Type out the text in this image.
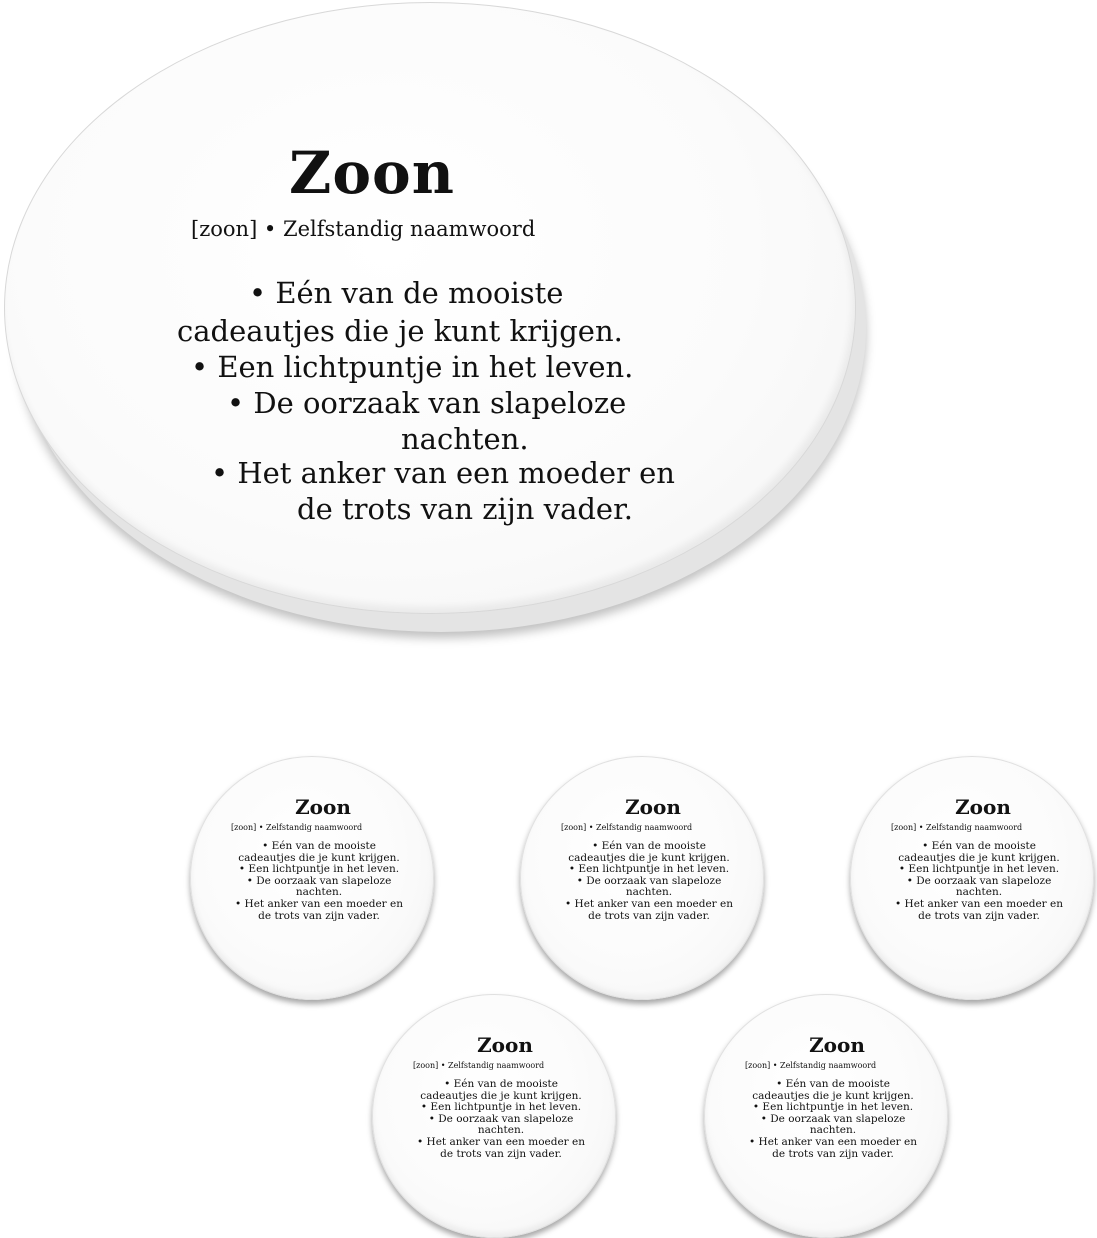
Zoon

[zoon] • Zelfstandig naamwoord

• Eén van de mooiste

cadeautjes die je kunt krijgen.

• Een lichtpuntje in het leven.

• De oorzaak van slapeloze

nachten.

• Het anker van een moeder en

de trots van zijn vader.

Zoon

[zoon] • Zelfstandig naamwoord

• Eén van de mooiste
cadeautjes die je kunt krijgen.
• Een lichtpuntje in het leven.
• De oorzaak van slapeloze
nachten.
• Het anker van een moeder en
de trots van zijn vader.

Zoon

[zoon] • Zelfstandig naamwoord

• Eén van de mooiste
cadeautjes die je kunt krijgen.
• Een lichtpuntje in het leven.
• De oorzaak van slapeloze
nachten.
• Het anker van een moeder en
de trots van zijn vader.

Zoon

[zoon] • Zelfstandig naamwoord

• Eén van de mooiste
cadeautjes die je kunt krijgen.
• Een lichtpuntje in het leven.
• De oorzaak van slapeloze
nachten.
• Het anker van een moeder en
de trots van zijn vader.

Zoon

[zoon] • Zelfstandig naamwoord

• Eén van de mooiste
cadeautjes die je kunt krijgen.
• Een lichtpuntje in het leven.
• De oorzaak van slapeloze
nachten.
• Het anker van een moeder en
de trots van zijn vader.

Zoon

[zoon] • Zelfstandig naamwoord

• Eén van de mooiste
cadeautjes die je kunt krijgen.
• Een lichtpuntje in het leven.
• De oorzaak van slapeloze
nachten.
• Het anker van een moeder en
de trots van zijn vader.
